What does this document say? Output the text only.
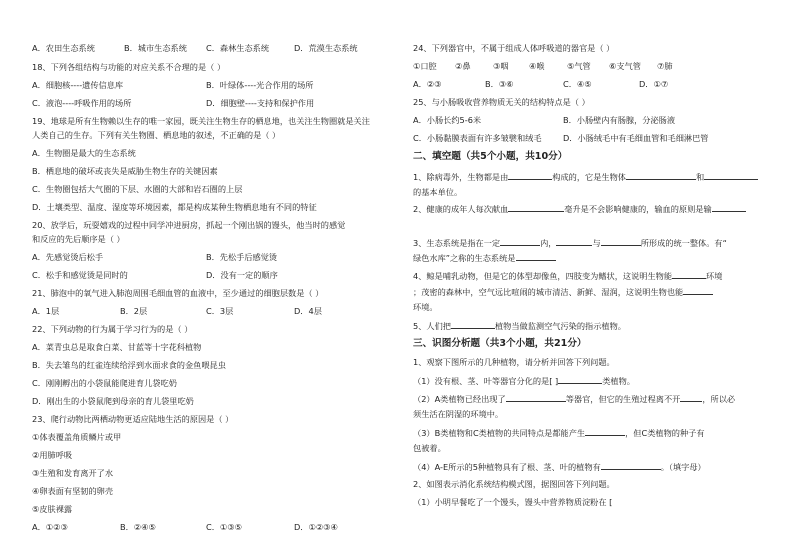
A．农田生态系统	B．城市生态系统 C．森林生态系统	D．荒漠生态系统
18、下列各组结构与功能的对应关系不合理的是（ ）
A．细胞核----遗传信息库	B．叶绿体----光合作用的场所
C．液泡----呼吸作用的场所	D．细胞壁----支持和保护作用
19、地球是所有生物赖以生存的唯一家园，既关注生物生存的栖息地，也关注生物圈就是关注
人类自己的生存。下列有关生物圈、栖息地的叙述，不正确的是（ ）
A．生物圈是最大的生态系统
B．栖息地的破坏或丧失是威胁生物生存的关键因素
C．生物圈包括大气圈的下层、水圈的大部和岩石圈的上层
D．土壤类型、温度、湿度等环境因素，都是构成某种生物栖息地有不同的特征
20、放学后，玩耍嬉戏的过程中同学冲进厨房，抓起一个刚出锅的馒头，他当时的感觉
和反应的先后顺序是（ ）
A．先感觉烫后松手	B．先松手后感觉烫
C．松手和感觉烫是同时的	D．没有一定的顺序
21、肺泡中的氧气进入肺泡周围毛细血管的血液中，至少通过的细胞层数是（ ）
A．1层	B．2层	C．3层	D．4层
22、下列动物的行为属于学习行为的是（ ）
A．菜青虫总是取食白菜、甘蓝等十字花科植物
B．失去雏鸟的红雀连续给浮到水面求食的金鱼喂昆虫
C．刚刚孵出的小袋鼠能爬进育儿袋吃奶
D．刚出生的小袋鼠爬到母亲的育儿袋里吃奶
23、爬行动物比两栖动物更适应陆地生活的原因是（ ）
①体表覆盖角质鳞片或甲
②用肺呼吸
③生殖和发育离开了水
④卵表面有坚韧的卵壳
⑤皮肤裸露
A．①②③	B．②④⑤	C．①③⑤	D．①②③④
24、下列器官中，不属于组成人体呼吸道的器官是（ ）
①口腔 ②鼻	③咽 ④喉	⑤气管 ⑥支气管 ⑦肺
A．②③	B．③⑥	C．④⑤	D．①⑦
25、与小肠吸收营养物质无关的结构特点是（ ）
A．小肠长约5-6米	B．小肠壁内有肠腺，分泌肠液
C．小肠黏膜表面有许多皱襞和绒毛	D．小肠绒毛中有毛细血管和毛细淋巴管
二、填空题（共5个小题，共10分）
1、除病毒外，生物都是由	构成的，它是生物体	和
的基本单位。
2、健康的成年人每次献血	毫升是不会影响健康的，输血的原则是输
3、生态系统是指在一定	内，	与	所形成的统一整体。有“
绿色水库”之称的生态系统是
4、鲸是哺乳动物，但是它的体型却像鱼，四肢变为鳍状，这说明生物能	环境
；茂密的森林中，空气远比喧闹的城市清洁、新鲜、湿润，这说明生物也能
环境。
5、人们把	植物当做监测空气污染的指示植物。
三、识图分析题（共3个小题，共21分）
1、观察下图所示的几种植物，请分析并回答下列问题。
（1）没有根、茎、叶等器官分化的是[ ]	类植物。
（2）A类植物已经出现了	等器官，但它的生殖过程离不开	，所以必
须生活在阴湿的环境中。
（3）B类植物和C类植物的共同特点是都能产生	，但C类植物的种子有
包被着。
（4）A-E所示的5种植物具有了根、茎、叶的植物有	。（填字母）
2、如图表示消化系统结构模式图，据图回答下列问题。
（1）小明早餐吃了一个馒头，馒头中营养物质淀粉在 [
